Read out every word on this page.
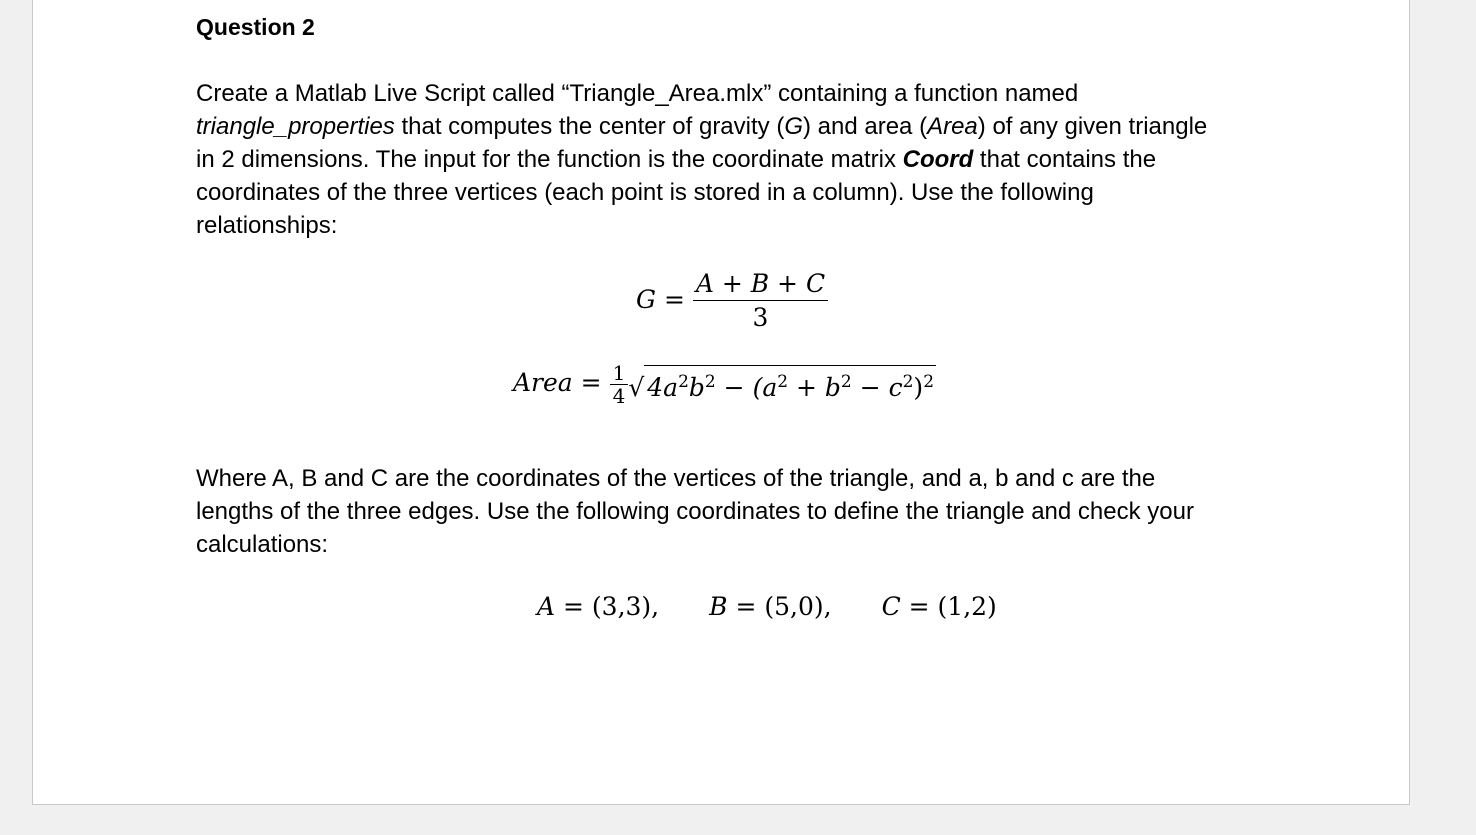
Question 2
Create a Matlab Live Script called “Triangle_Area.mlx” containing a function named
triangle_properties that computes the center of gravity (G) and area (Area) of any given triangle
in 2 dimensions. The input for the function is the coordinate matrix Coord that contains the
coordinates of the three vertices (each point is stored in a column). Use the following
relationships:
$G = \frac{A + B + C}{3}$
Area = $\frac{1}{4}$ √ $4a^2b^2 - (a^2 + b^2 - c^2)^2$
Where A, B and C are the coordinates of the vertices of the triangle, and a, b and c are the
lengths of the three edges. Use the following coordinates to define the triangle and check your
calculations:
A = (3,3), B = (5,0), C = (1,2)
